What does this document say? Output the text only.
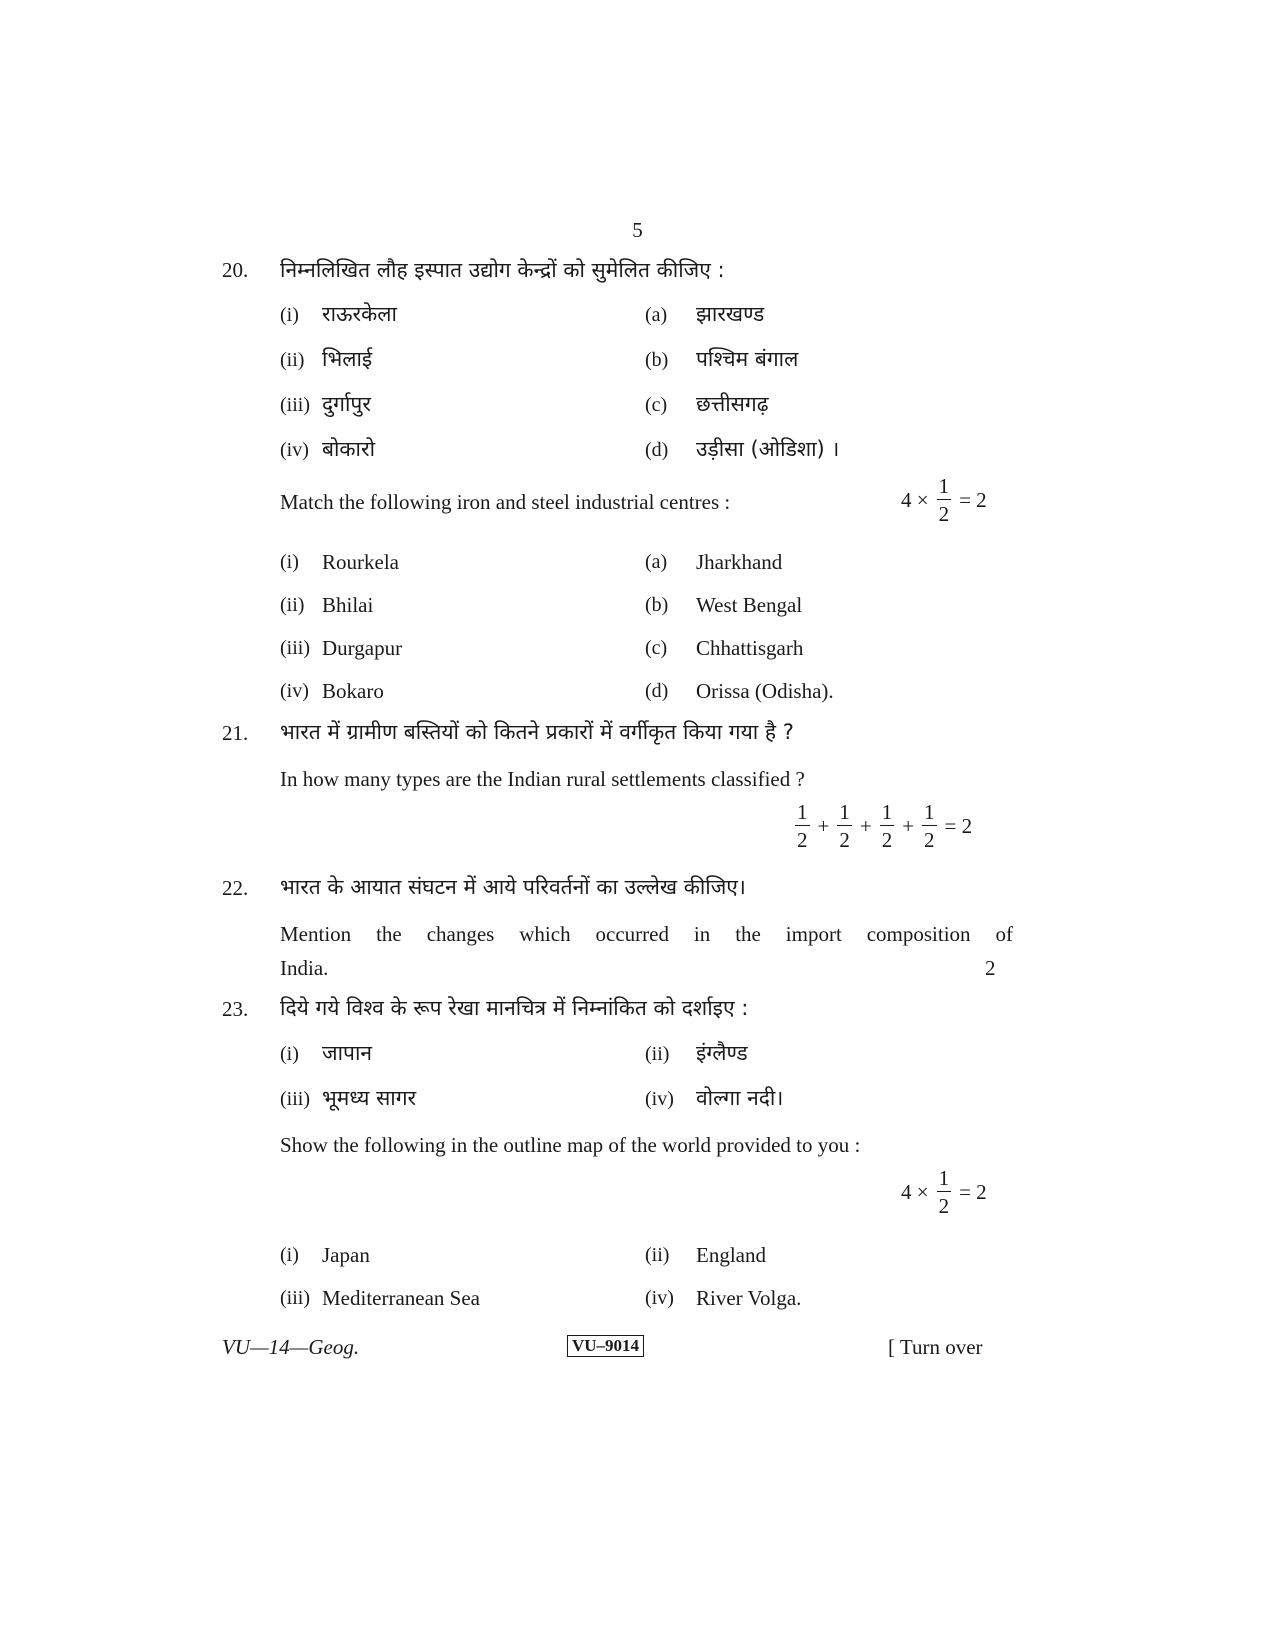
5
20. निम्नलिखित लौह इस्पात उद्योग केन्द्रों को सुमेलित कीजिए :
(i) राऊरकेला	(a) झारखण्ड
(ii) भिलाई	(b) पश्चिम बंगाल
(iii) दुर्गापुर	(c) छत्तीसगढ़
(iv) बोकारो	(d) उड़ीसा (ओडिशा) ।
Match the following iron and steel industrial centres :	$4 \times \frac{1}{2} = 2$
(i) Rourkela	(a) Jharkhand
(ii) Bhilai	(b) West Bengal
(iii) Durgapur	(c) Chhattisgarh
(iv) Bokaro	(d) Orissa (Odisha).
21. भारत में ग्रामीण बस्तियों को कितने प्रकारों में वर्गीकृत किया गया है ?
In how many types are the Indian rural settlements classified ?
$\frac{1}{2} + \frac{1}{2} + \frac{1}{2} + \frac{1}{2} = 2$
22. भारत के आयात संघटन में आये परिवर्तनों का उल्लेख कीजिए।
Mention the changes which occurred in the import composition of
India.	2
23. दिये गये विश्व के रूप रेखा मानचित्र में निम्नांकित को दर्शाइए :
(i) जापान	(ii) इंग्लैण्ड
(iii) भूमध्य सागर	(iv) वोल्गा नदी।
Show the following in the outline map of the world provided to you :
$4 \times \frac{1}{2} = 2$
(i) Japan	(ii) England
(iii) Mediterranean Sea	(iv) River Volga.
VU—14—Geog.	VU–9014	[ Turn over
